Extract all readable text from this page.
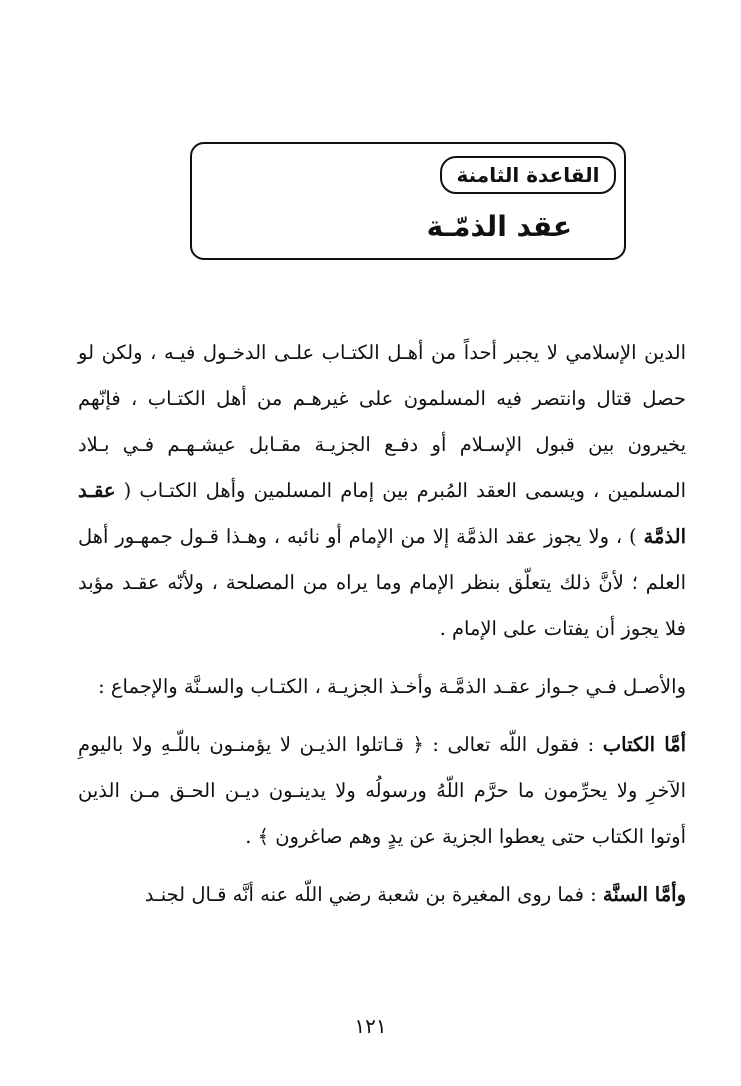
القاعدة الثامنة
عقد الذمّـة

الدين الإسلامي لا يجبر أحداً من أهـل الكتـاب علـى الدخـول فيـه ، ولكن لو حصل قتال وانتصر فيه المسلمون على غيرهـم من أهل الكتـاب ، فإنّهم يخيرون بين قبول الإسـلام أو دفـع الجزيـة مقـابل عيشـهـم فـي بـلاد المسلمين ، ويسمى العقد المُبرم بين إمام المسلمين وأهل الكتـاب ( عقـد الذمَّة ) ، ولا يجوز عقد الذمَّة إلا من الإمام أو نائبه ، وهـذا قـول جمهـور أهل العلم ؛ لأنَّ ذلك يتعلّق بنظر الإمام وما يراه من المصلحة ، ولأنّه عقـد مؤبد فلا يجوز أن يفتات على الإمام .

والأصـل فـي جـواز عقـد الذمَّـة وأخـذ الجزيـة ، الكتـاب والسـنَّة والإجماع :

أمَّا الكتاب : فقول اللّه تعالى : ﴿ قـاتلوا الذيـن لا يؤمنـون باللّـهِ ولا باليومِ الآخرِ ولا يحرِّمون ما حرَّم اللّهُ ورسولُه ولا يدينـون ديـن الحـق مـن الذين أوتوا الكتاب حتى يعطوا الجزية عن يدٍ وهم صاغرون ﴾ .

وأمَّا السنَّة : فما روى المغيرة بن شعبة رضي اللّه عنه أنَّه قـال لجنـد

١٢١
